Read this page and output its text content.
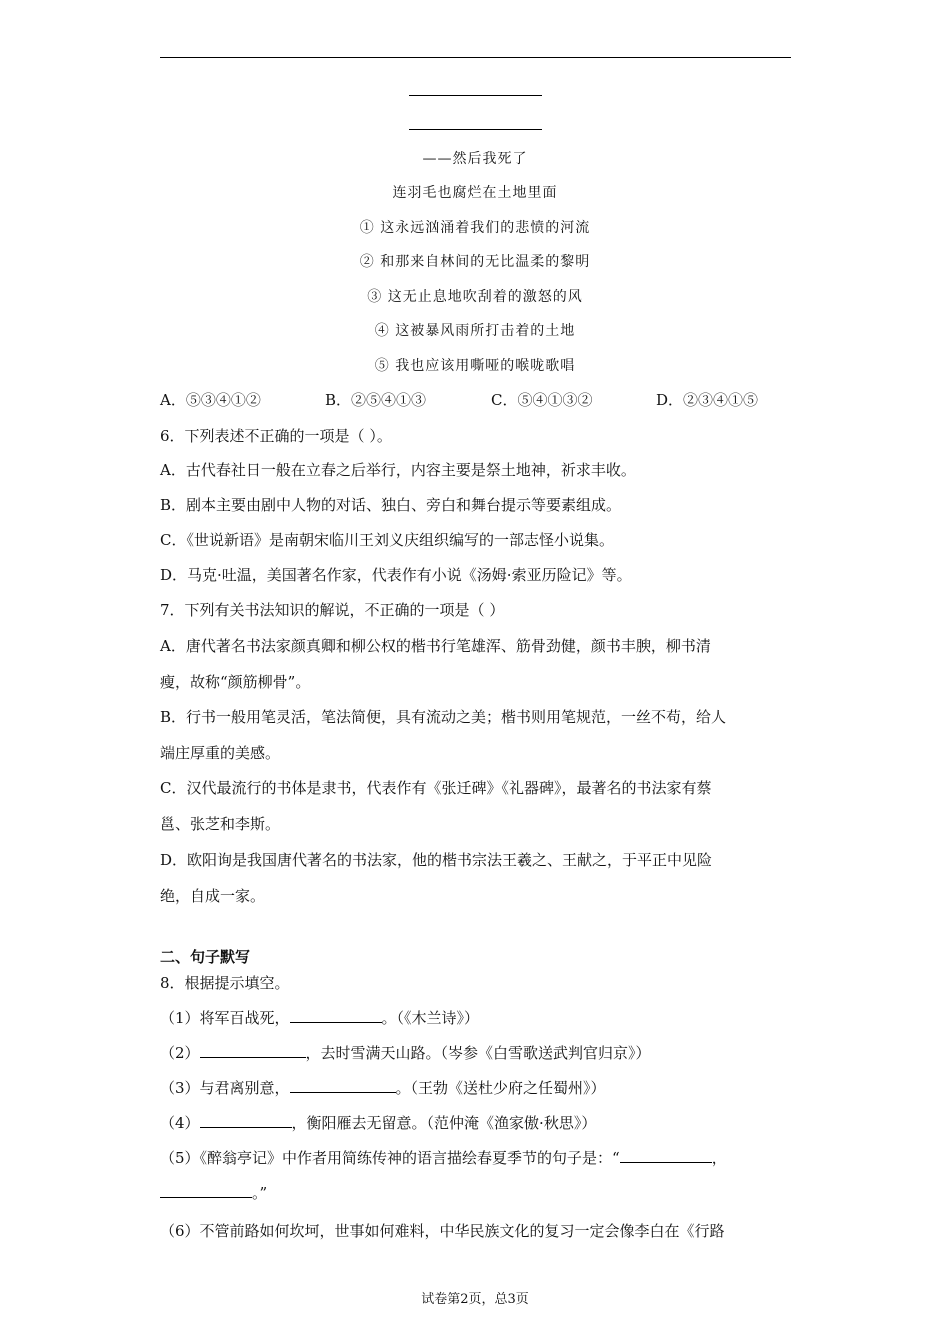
——然后我死了
连羽毛也腐烂在土地里面
① 这永远汹涌着我们的悲愤的河流
② 和那来自林间的无比温柔的黎明
③ 这无止息地吹刮着的激怒的风
④ 这被暴风雨所打击着的土地
⑤ 我也应该用嘶哑的喉咙歌唱
A．⑤③④①②	B．②⑤④①③	C．⑤④①③②	D．②③④①⑤
6．下列表述不正确的一项是（ ）。
A．古代春社日一般在立春之后举行，内容主要是祭土地神，祈求丰收。
B．剧本主要由剧中人物的对话、独白、旁白和舞台提示等要素组成。
C．《世说新语》是南朝宋临川王刘义庆组织编写的一部志怪小说集。
D．马克·吐温，美国著名作家，代表作有小说《汤姆·索亚历险记》等。
7．下列有关书法知识的解说，不正确的一项是（ ）
A．唐代著名书法家颜真卿和柳公权的楷书行笔雄浑、筋骨劲健，颜书丰腴，柳书清
瘦，故称“颜筋柳骨”。
B．行书一般用笔灵活，笔法简便，具有流动之美；楷书则用笔规范，一丝不苟，给人
端庄厚重的美感。
C．汉代最流行的书体是隶书，代表作有《张迁碑》《礼器碑》，最著名的书法家有蔡
邕、张芝和李斯。
D．欧阳询是我国唐代著名的书法家，他的楷书宗法王羲之、王献之，于平正中见险
绝，自成一家。
二、句子默写
8．根据提示填空。
（1）将军百战死，	。（《木兰诗》）
（2）	，去时雪满天山路。（岑参《白雪歌送武判官归京》）
（3）与君离别意，	。（王勃《送杜少府之任蜀州》）
（4）	，衡阳雁去无留意。（范仲淹《渔家傲·秋思》）
（5）《醉翁亭记》中作者用简练传神的语言描绘春夏季节的句子是：“	，
。”
（6）不管前路如何坎坷，世事如何难料，中华民族文化的复习一定会像李白在《行路
试卷第2页，总3页
